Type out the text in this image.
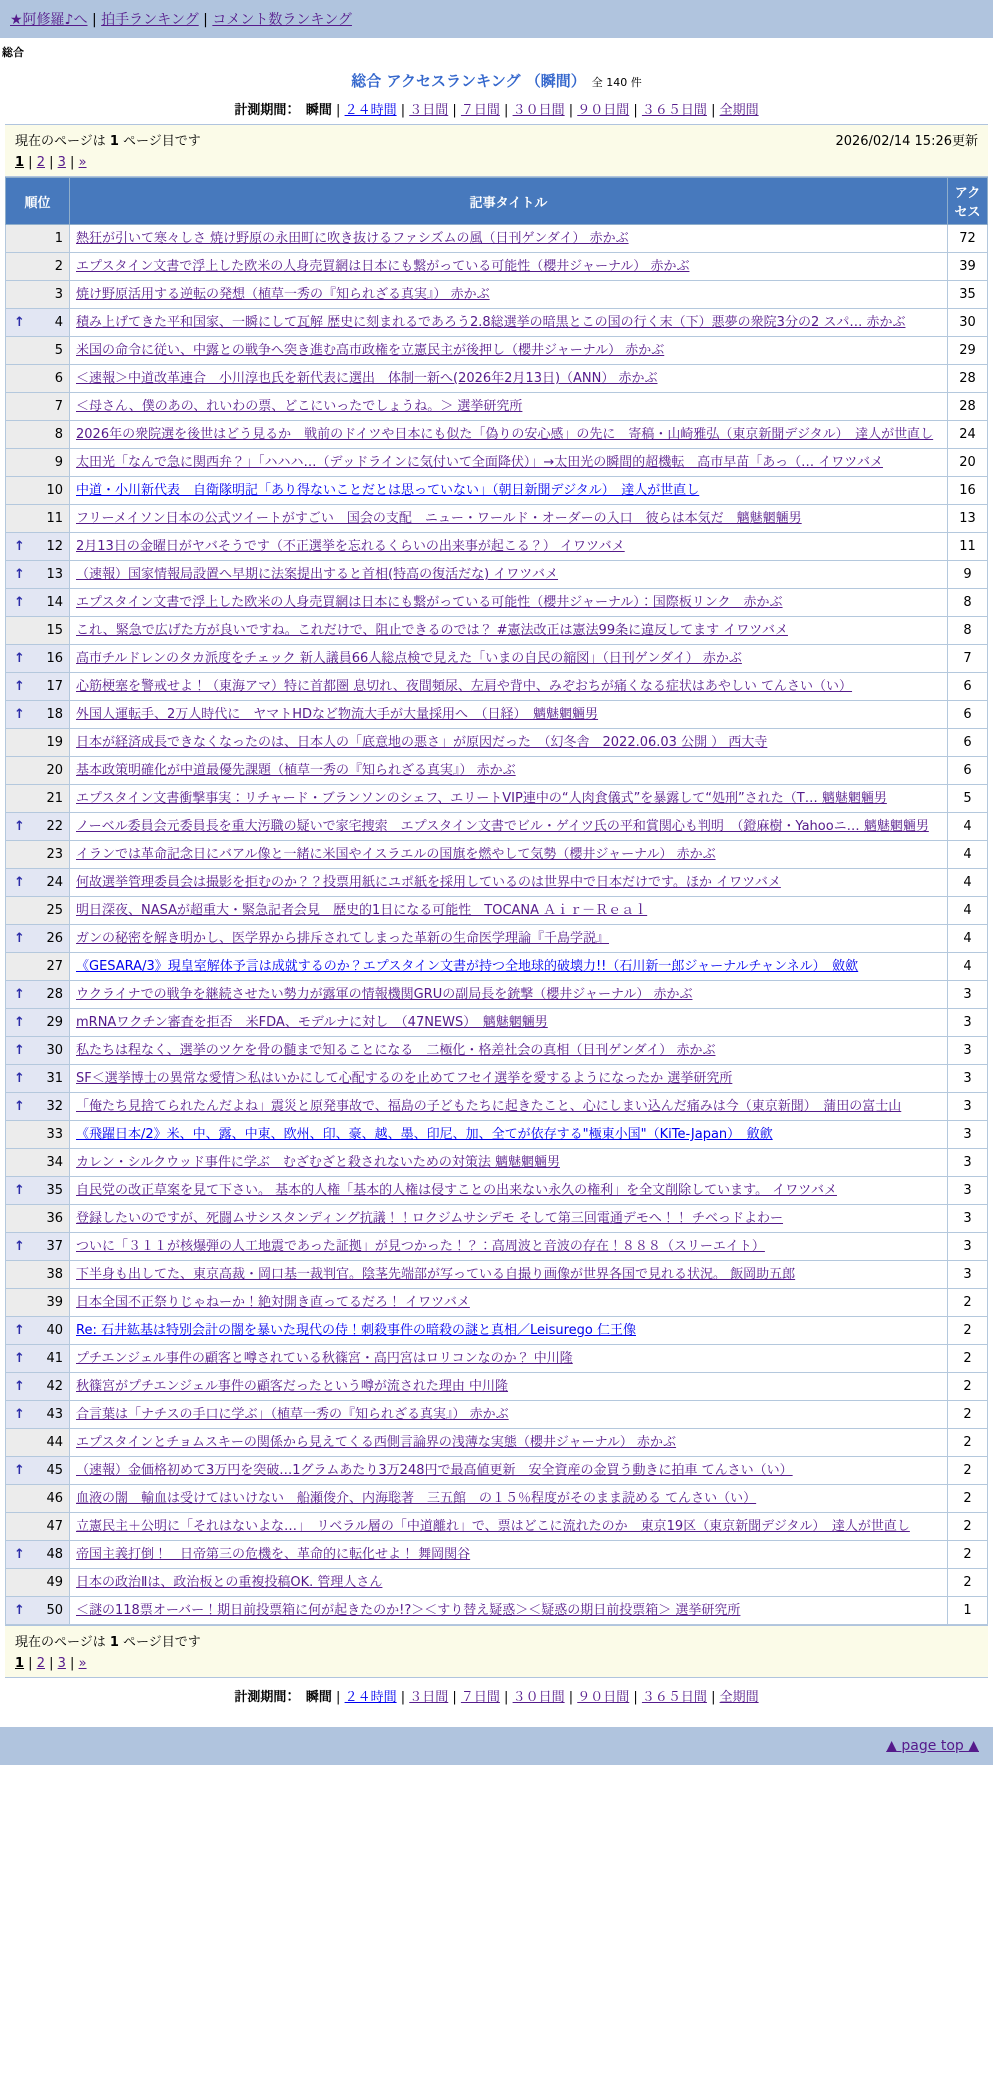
★阿修羅♪へ | 拍手ランキング | コメント数ランキング
総合
総合 アクセスランキング （瞬間） 全 140 件
計測期間：　瞬間 | ２４時間 | ３日間 | ７日間 | ３０日間 | ９０日間 | ３６５日間 | 全期間
現在のページは 1 ページ目です	2026/02/14 15:26更新
1 | 2 | 3 | »
順位	記事タイトル	アクセス

1	熱狂が引いて寒々しさ 焼け野原の永田町に吹き抜けるファシズムの風（日刊ゲンダイ） 赤かぶ	72

2	エプスタイン文書で浮上した欧米の人身売買網は日本にも繋がっている可能性（櫻井ジャーナル） 赤かぶ	39

3	焼け野原活用する逆転の発想（植草一秀の『知られざる真実』） 赤かぶ	35

↑ 4	積み上げてきた平和国家、一瞬にして瓦解 歴史に刻まれるであろう2.8総選挙の暗黒とこの国の行く末（下）悪夢の衆院3分の2 スパ… 赤かぶ	30

5	米国の命令に従い、中露との戦争へ突き進む高市政権を立憲民主が後押し（櫻井ジャーナル） 赤かぶ	29

6	＜速報＞中道改革連合　小川淳也氏を新代表に選出　体制一新へ(2026年2月13日)（ANN） 赤かぶ	28

7	＜母さん、僕のあの、れいわの票、どこにいったでしょうね。＞ 選挙研究所	28

8	2026年の衆院選を後世はどう見るか　戦前のドイツや日本にも似た「偽りの安心感」の先に　寄稿・山崎雅弘（東京新聞デジタル）　達人が世直し	24

9	太田光「なんで急に関西弁？」「ハハハ…（デッドラインに気付いて全面降伏）」→太田光の瞬間的超機転　高市早苗「あっ（… イワツバメ	20

10	中道・小川新代表　自衛隊明記「あり得ないことだとは思っていない」（朝日新聞デジタル）　達人が世直し	16

11	フリーメイソン日本の公式ツイートがすごい　国会の支配　ニュー・ワールド・オーダーの入口　彼らは本気だ　魑魅魍魎男	13

↑ 12	2月13日の金曜日がヤバそうです（不正選挙を忘れるくらいの出来事が起こる？） イワツバメ	11

↑ 13	（速報）国家情報局設置へ早期に法案提出すると首相(特高の復活だな) イワツバメ	9

↑ 14	エプスタイン文書で浮上した欧米の人身売買網は日本にも繋がっている可能性（櫻井ジャーナル）：国際板リンク　赤かぶ	8

15	これ、緊急で広げた方が良いですね。これだけで、阻止できるのでは？ #憲法改正は憲法99条に違反してます イワツバメ	8

↑ 16	高市チルドレンのタカ派度をチェック 新人議員66人総点検で見えた「いまの自民の縮図」（日刊ゲンダイ） 赤かぶ	7

↑ 17	心筋梗塞を警戒せよ！（東海アマ）特に首都圏 息切れ、夜間頻尿、左肩や背中、みぞおちが痛くなる症状はあやしい てんさい（い）	6

↑ 18	外国人運転手、2万人時代に　ヤマトHDなど物流大手が大量採用へ　（日経）　魑魅魍魎男	6

19	日本が経済成長できなくなったのは、日本人の「底意地の悪さ」が原因だった　（幻冬舎　2022.06.03 公開 ） 西大寺	6

20	基本政策明確化が中道最優先課題（植草一秀の『知られざる真実』） 赤かぶ	6

21	エプスタイン文書衝撃事実：リチャード・ブランソンのシェフ、エリートVIP連中の“人肉食儀式”を暴露して“処刑”された（T… 魑魅魍魎男	5

↑ 22	ノーベル委員会元委員長を重大汚職の疑いで家宅捜索　エプスタイン文書でビル・ゲイツ氏の平和賞関心も判明　（鐙麻樹・Yahooニ… 魑魅魍魎男	4

23	イランでは革命記念日にバアル像と一緒に米国やイスラエルの国旗を燃やして気勢（櫻井ジャーナル） 赤かぶ	4

↑ 24	何故選挙管理委員会は撮影を拒むのか？？投票用紙にユポ紙を採用しているのは世界中で日本だけです。ほか イワツバメ	4

25	明日深夜、NASAが超重大・緊急記者会見　歴史的1日になる可能性　TOCANA Ａｉｒ－Ｒｅａｌ	4

↑ 26	ガンの秘密を解き明かし、医学界から排斥されてしまった革新の生命医学理論『千島学説』	4

27	《GESARA/3》現皇室解体予言は成就するのか？エプスタイン文書が持つ全地球的破壊力!!（石川新一郎ジャーナルチャンネル）　斂歛	4

↑ 28	ウクライナでの戦争を継続させたい勢力が露軍の情報機関GRUの副局長を銃撃（櫻井ジャーナル） 赤かぶ	3

↑ 29	mRNAワクチン審査を拒否　米FDA、モデルナに対し　（47NEWS）　魑魅魍魎男	3

↑ 30	私たちは程なく、選挙のツケを骨の髄まで知ることになる　二極化・格差社会の真相（日刊ゲンダイ） 赤かぶ	3

↑ 31	SF＜選挙博士の異常な愛情＞私はいかにして心配するのを止めてフセイ選挙を愛するようになったか 選挙研究所	3

↑ 32	「俺たち見捨てられたんだよね」震災と原発事故で、福島の子どもたちに起きたこと、心にしまい込んだ痛みは今（東京新聞）　蒲田の富士山	3

33	《飛躍日本/2》米、中、露、中東、欧州、印、豪、越、墨、印尼、加、全てが依存する"極東小国"（KiTe-Japan）　斂歛	3

34	カレン・シルクウッド事件に学ぶ　むざむざと殺されないための対策法 魑魅魍魎男	3

↑ 35	自民党の改正草案を見て下さい。 基本的人権「基本的人権は侵すことの出来ない永久の権利」を全文削除しています。 イワツバメ	3

36	登録したいのですが、死闘ムサシスタンディング抗議！！ロクジムサシデモ そして第三回電通デモへ！！ チベっドよわー	3

↑ 37	ついに「３１１が核爆弾の人工地震であった証拠」が見つかった！？：高周波と音波の存在！８８８（スリーエイト）	3

38	下半身も出してた、東京高裁・岡口基一裁判官。陰茎先端部が写っている自撮り画像が世界各国で見れる状況。 飯岡助五郎	3

39	日本全国不正祭りじゃねーか！絶対開き直ってるだろ！ イワツバメ	2

↑ 40	Re: 石井紘基は特別会計の闇を暴いた現代の侍！刺殺事件の暗殺の謎と真相／Leisurego 仁王像	2

↑ 41	プチエンジェル事件の顧客と噂されている秋篠宮・高円宮はロリコンなのか？ 中川隆	2

↑ 42	秋篠宮がプチエンジェル事件の顧客だったという噂が流された理由 中川隆	2

↑ 43	合言葉は「ナチスの手口に学ぶ」（植草一秀の『知られざる真実』） 赤かぶ	2

44	エプスタインとチョムスキーの関係から見えてくる西側言論界の浅薄な実態（櫻井ジャーナル） 赤かぶ	2

↑ 45	（速報）金価格初めて3万円を突破…1グラムあたり3万248円で最高値更新　安全資産の金買う動きに拍車 てんさい（い）	2

46	血液の闇　輸血は受けてはいけない　船瀬俊介、内海聡著　三五館　の１５％程度がそのまま読める てんさい（い）	2

47	立憲民主＋公明に「それはないよな…」　リベラル層の「中道離れ」で、票はどこに流れたのか　東京19区（東京新聞デジタル）　達人が世直し	2

↑ 48	帝国主義打倒！　日帝第三の危機を、革命的に転化せよ！ 舞岡関谷	2

49	日本の政治Ⅱは、政治板との重複投稿OK. 管理人さん	2

↑ 50	＜謎の118票オーバー！期日前投票箱に何が起きたのか!?＞＜すり替え疑惑＞＜疑惑の期日前投票箱＞ 選挙研究所	1
現在のページは 1 ページ目です
1 | 2 | 3 | »
計測期間：　瞬間 | ２４時間 | ３日間 | ７日間 | ３０日間 | ９０日間 | ３６５日間 | 全期間
▲ page top ▲
